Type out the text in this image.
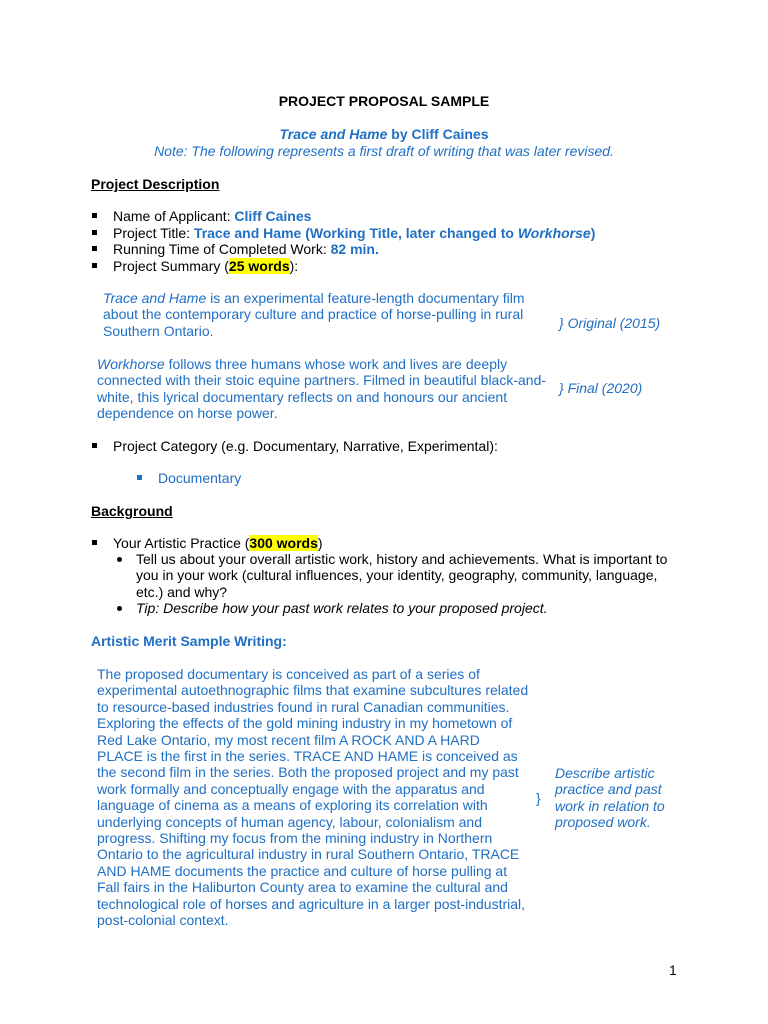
PROJECT PROPOSAL SAMPLE
Trace and Hame by Cliff Caines
Note: The following represents a first draft of writing that was later revised.
Project Description
Name of Applicant: Cliff Caines
Project Title: Trace and Hame (Working Title, later changed to Workhorse)
Running Time of Completed Work: 82 min.
Project Summary (25 words):
Trace and Hame is an experimental feature-length documentary film
about the contemporary culture and practice of horse-pulling in rural
Southern Ontario.	} Original (2015)
Workhorse follows three humans whose work and lives are deeply
connected with their stoic equine partners. Filmed in beautiful black-and-
white, this lyrical documentary reflects on and honours our ancient
dependence on horse power.
} Final (2020)
Project Category (e.g. Documentary, Narrative, Experimental):
Documentary
Background
Your Artistic Practice (300 words)
Tell us about your overall artistic work, history and achievements. What is important to
you in your work (cultural influences, your identity, geography, community, language,
etc.) and why?
Tip: Describe how your past work relates to your proposed project.
Artistic Merit Sample Writing:
The proposed documentary is conceived as part of a series of
experimental autoethnographic films that examine subcultures related
to resource-based industries found in rural Canadian communities.
Exploring the effects of the gold mining industry in my hometown of
Red Lake Ontario, my most recent film A ROCK AND A HARD
PLACE is the first in the series. TRACE AND HAME is conceived as
the second film in the series. Both the proposed project and my past
work formally and conceptually engage with the apparatus and
language of cinema as a means of exploring its correlation with
underlying concepts of human agency, labour, colonialism and
progress. Shifting my focus from the mining industry in Northern
Ontario to the agricultural industry in rural Southern Ontario, TRACE
AND HAME documents the practice and culture of horse pulling at
Fall fairs in the Haliburton County area to examine the cultural and
technological role of horses and agriculture in a larger post-industrial,
post-colonial context.
}
Describe artistic
practice and past
work in relation to
proposed work.
1
